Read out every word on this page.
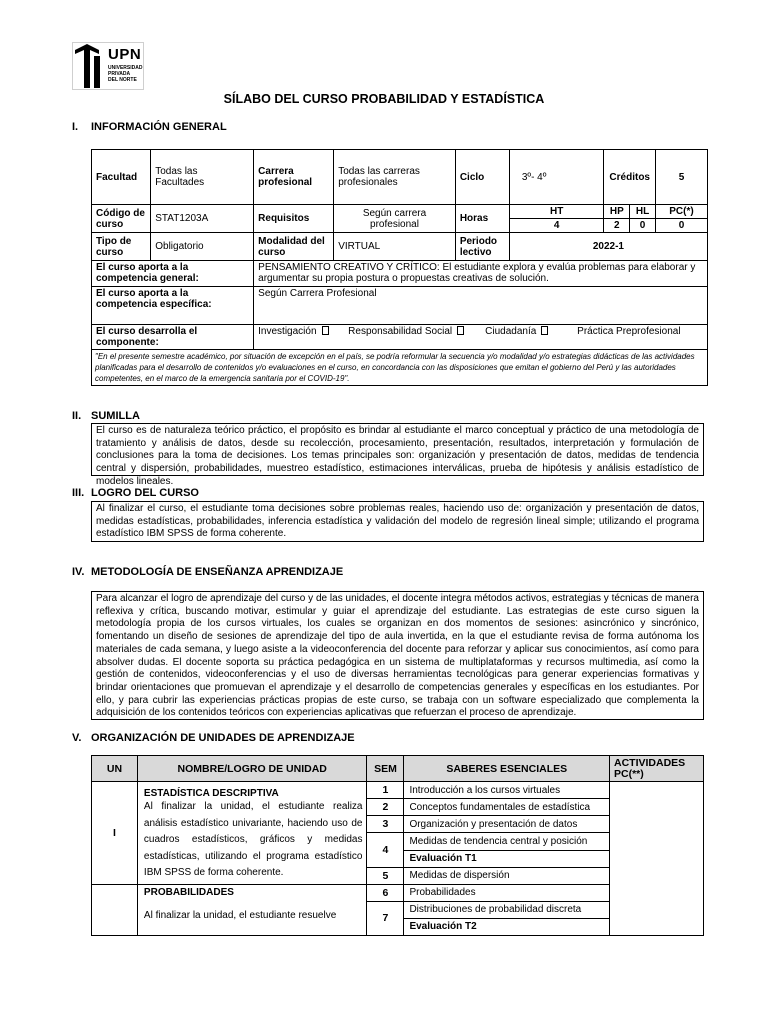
UPN
UNIVERSIDAD
PRIVADA
DEL NORTE
SÍLABO DEL CURSO PROBABILIDAD Y ESTADÍSTICA
I. INFORMACIÓN GENERAL
Facultad	Todas las Facultades	Carrera profesional	Todas las carreras profesionales	Ciclo	3º- 4º	Créditos		5
Código de curso	STAT1203A	Requisitos	Según carrera profesional	Horas	HT	HP	HL	PC(*)
					4	2	0	0
Tipo de curso	Obligatorio	Modalidad del curso	VIRTUAL	Periodo lectivo	2022-1			
El curso aporta a la competencia general:		PENSAMIENTO CREATIVO Y CRÍTICO: El estudiante explora y evalúa problemas para elaborar y argumentar su propia postura o propuestas creativas de solución.						
El curso aporta a la competencia específica:		Según Carrera Profesional						
El curso desarrolla el componente:		Investigación Responsabilidad Social Ciudadanía Práctica Preprofesional						

"En el presente semestre académico, por situación de excepción en el país, se podría reformular la secuencia y/o modalidad y/o estrategias didácticas de las actividades planificadas para el desarrollo de contenidos y/o evaluaciones en el curso, en concordancia con las disposiciones que emitan el gobierno del Perú y las autoridades competentes, en el marco de la emergencia sanitaria por el COVID-19".								
II. SUMILLA
El curso es de naturaleza teórico práctico, el propósito es brindar al estudiante el marco conceptual y práctico de una metodología de tratamiento y análisis de datos, desde su recolección, procesamiento, presentación, resultados, interpretación y formulación de conclusiones para la toma de decisiones. Los temas principales son: organización y presentación de datos, medidas de tendencia central y dispersión, probabilidades, muestreo estadístico, estimaciones interválicas, prueba de hipótesis y análisis estadístico de modelos lineales.
III. LOGRO DEL CURSO
Al finalizar el curso, el estudiante toma decisiones sobre problemas reales, haciendo uso de: organización y presentación de datos, medidas estadísticas, probabilidades, inferencia estadística y validación del modelo de regresión lineal simple; utilizando el programa estadístico IBM SPSS de forma coherente.
IV. METODOLOGÍA DE ENSEÑANZA APRENDIZAJE
Para alcanzar el logro de aprendizaje del curso y de las unidades, el docente integra métodos activos, estrategias y técnicas de manera reflexiva y crítica, buscando motivar, estimular y guiar el aprendizaje del estudiante. Las estrategias de este curso siguen la metodología propia de los cursos virtuales, los cuales se organizan en dos momentos de sesiones: asincrónico y sincrónico, fomentando un diseño de sesiones de aprendizaje del tipo de aula invertida, en la que el estudiante revisa de forma autónoma los materiales de cada semana, y luego asiste a la videoconferencia del docente para reforzar y aplicar sus conocimientos, así como para absolver dudas. El docente soporta su práctica pedagógica en un sistema de multiplataformas y recursos multimedia, así como la gestión de contenidos, videoconferencias y el uso de diversas herramientas tecnológicas para generar experiencias formativas y brindar orientaciones que promuevan el aprendizaje y el desarrollo de competencias generales y específicas en los estudiantes. Por ello, y para cubrir las experiencias prácticas propias de este curso, se trabaja con un software especializado que complementa la adquisición de los contenidos teóricos con experiencias aplicativas que refuerzan el proceso de aprendizaje.
V. ORGANIZACIÓN DE UNIDADES DE APRENDIZAJE
UN	NOMBRE/LOGRO DE UNIDAD	SEM	SABERES ESENCIALES	ACTIVIDADES PC(**)
I	ESTADÍSTICA DESCRIPTIVA
Al finalizar la unidad, el estudiante realiza análisis estadístico univariante, haciendo uso de cuadros estadísticos, gráficos y medidas estadísticas, utilizando el programa estadístico IBM SPSS de forma coherente.	1	Introducción a los cursos virtuales	
		2	Conceptos fundamentales de estadística	
		3	Organización y presentación de datos	
		4	Medidas de tendencia central y posición	
			Evaluación T1	
		5	Medidas de dispersión	

	PROBABILIDADES
Al finalizar la unidad, el estudiante resuelve	6	Probabilidades	
		7	Distribuciones de probabilidad discreta	
			Evaluación T2	
